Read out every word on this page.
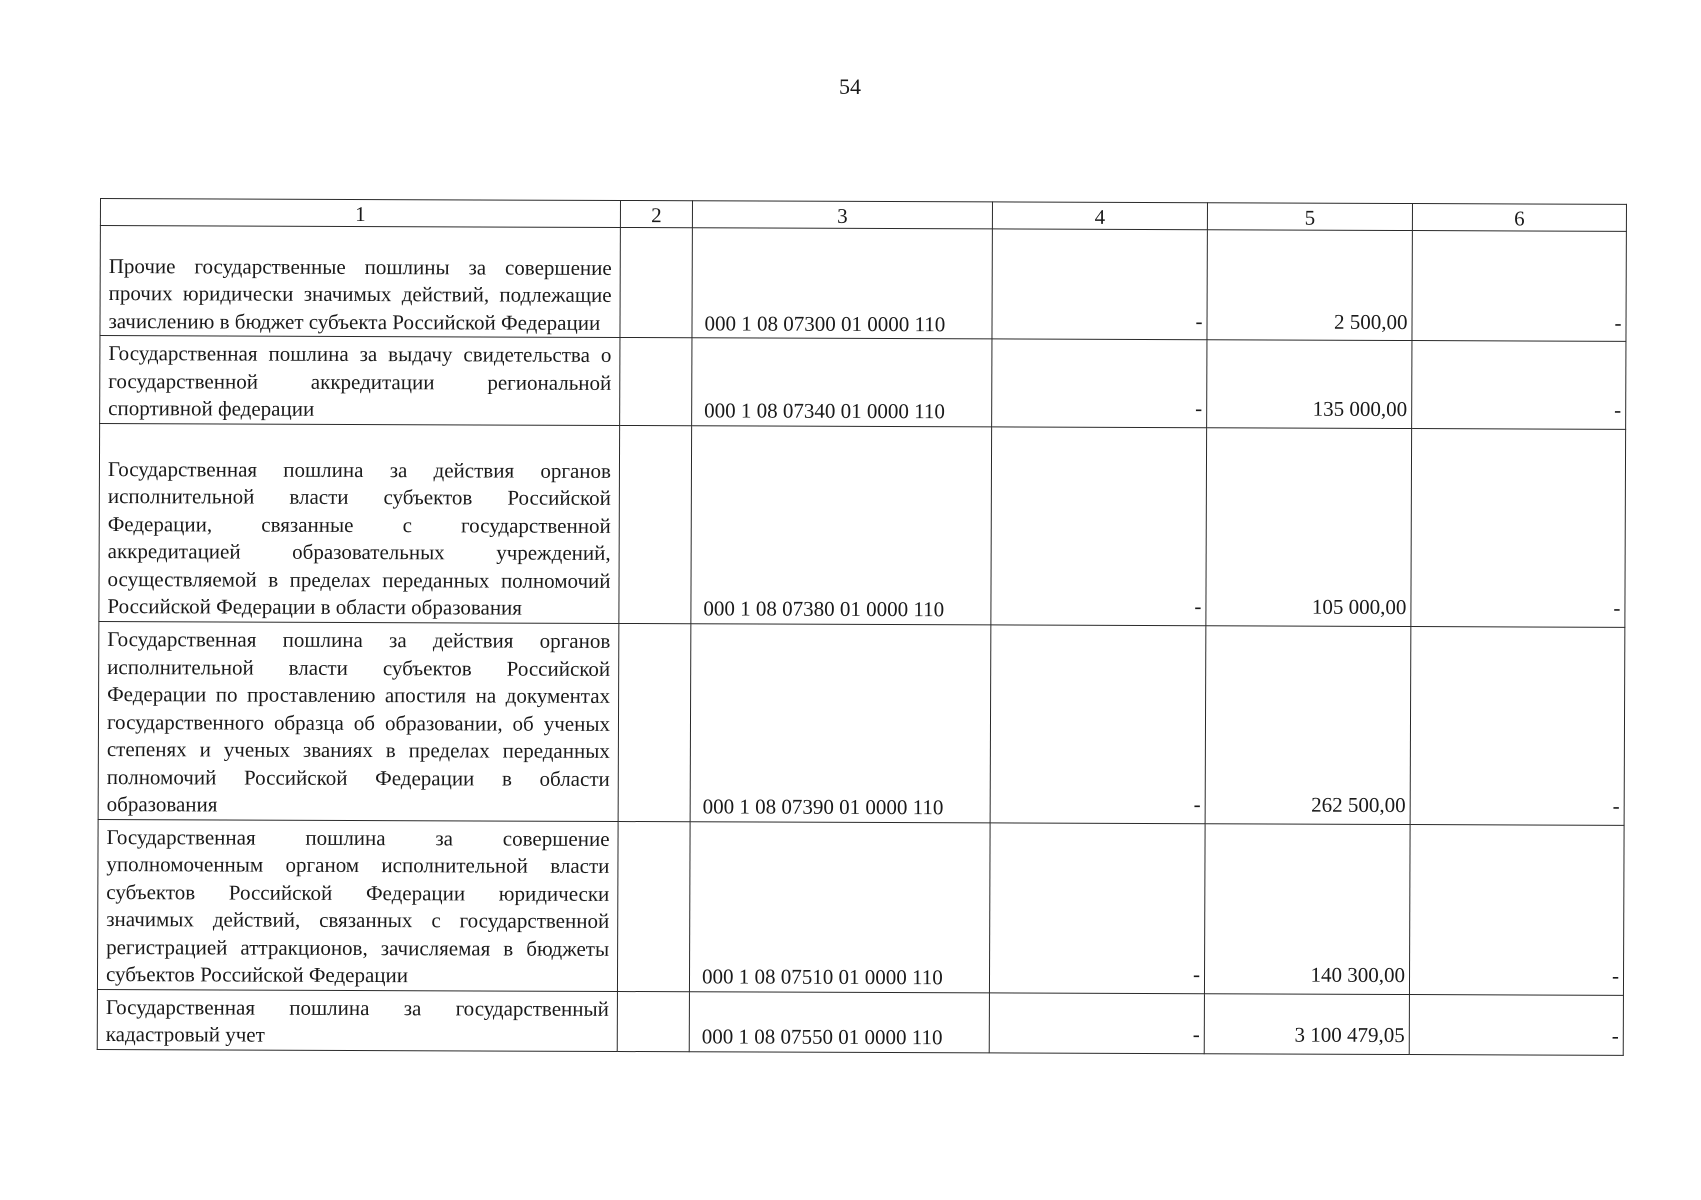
54
1	2	3	4	5	6
Прочие государственные пошлины за совершение прочих юридически значимых действий, подлежащие зачислению в бюджет субъекта Российской Федерации		000 1 08 07300 01 0000 110	-	2 500,00	-
Государственная пошлина за выдачу свидетельства о государственной аккредитации региональной спортивной федерации		000 1 08 07340 01 0000 110	-	135 000,00	-
Государственная пошлина за действия органов исполнительной власти субъектов Российской Федерации, связанные с государственной аккредитацией образовательных учреждений, осуществляемой в пределах переданных полномочий Российской Федерации в области образования		000 1 08 07380 01 0000 110	-	105 000,00	-
Государственная пошлина за действия органов исполнительной власти субъектов Российской Федерации по проставлению апостиля на документах государственного образца об образовании, об ученых степенях и ученых званиях в пределах переданных полномочий Российской Федерации в области образования		000 1 08 07390 01 0000 110	-	262 500,00	-
Государственная пошлина за совершение уполномоченным органом исполнительной власти субъектов Российской Федерации юридически значимых действий, связанных с государственной регистрацией аттракционов, зачисляемая в бюджеты субъектов Российской Федерации		000 1 08 07510 01 0000 110	-	140 300,00	-
Государственная пошлина за государственный кадастровый учет		000 1 08 07550 01 0000 110	-	3 100 479,05	-
